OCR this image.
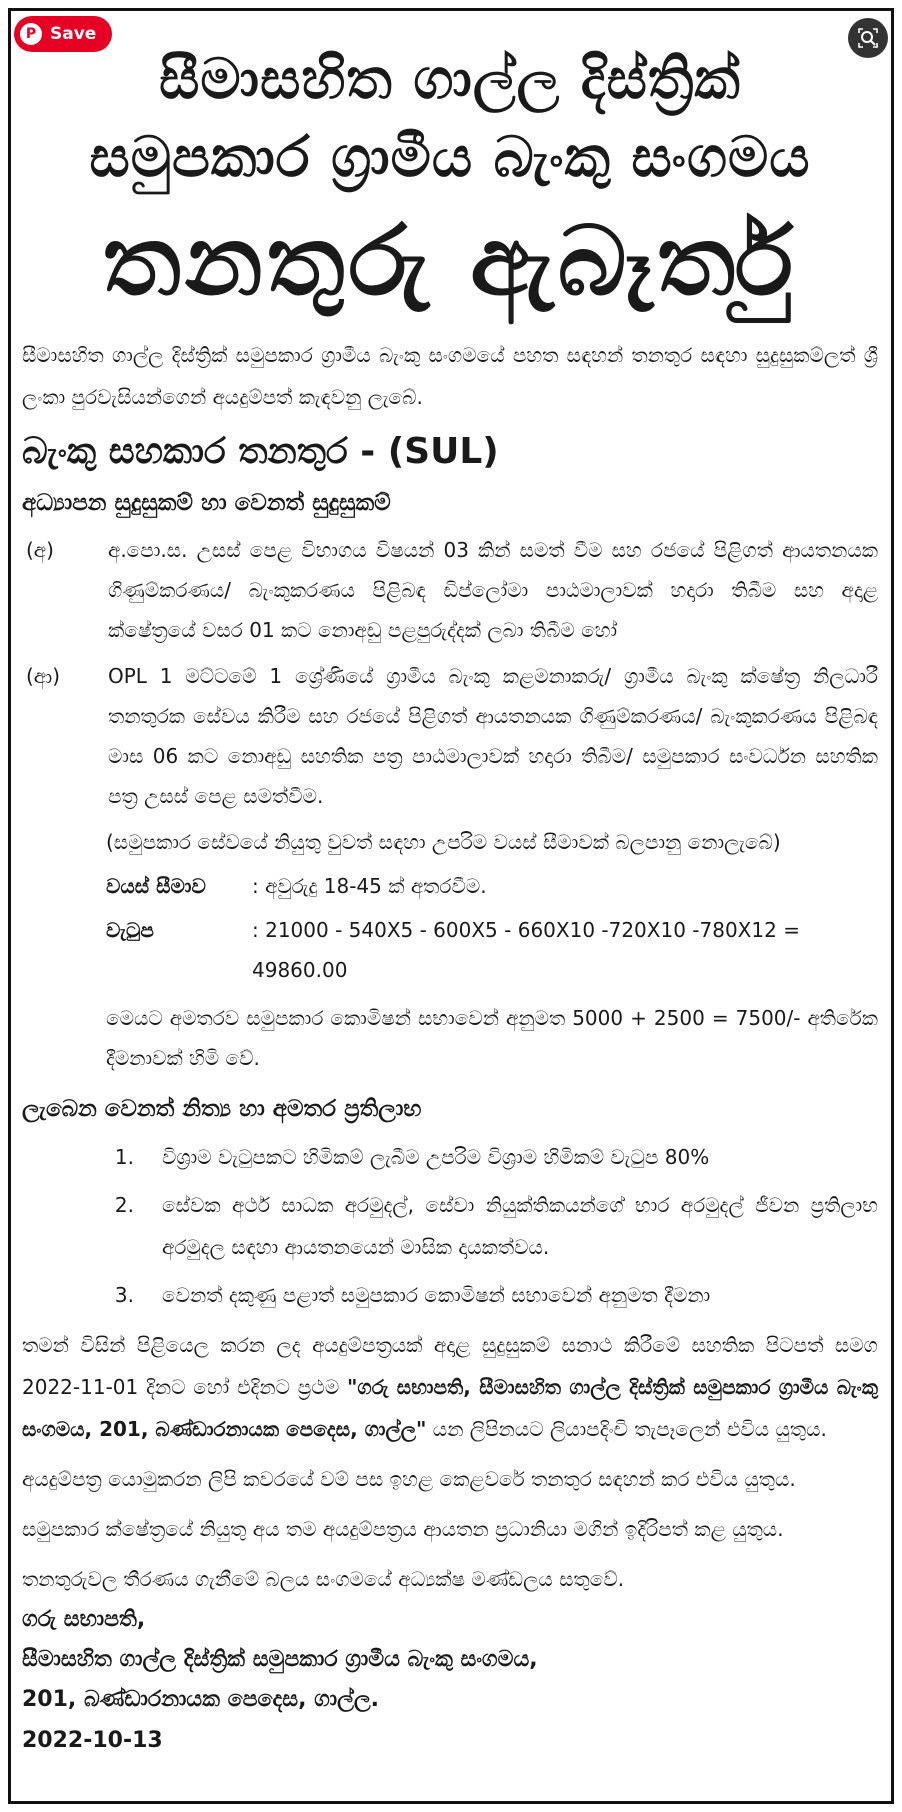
P Save
සීමාසහිත ගාල්ල දිස්ත්‍රික්
සමුපකාර ග්‍රාමීය බැංකු සංගමය
තනතුරු ඇබෑර්තු

සීමාසහිත ගාල්ල දිස්ත්‍රික් සමුපකාර ග්‍රාමීය බැංකු සංගමයේ පහත සඳහන් තනතුර සඳහා සුදුසුකම්ලත් ශ්‍රී ලංකා පුරවැසියන්ගෙන් අයදුම්පත් කැඳවනු ලැබේ.

බැංකු සහකාර තනතුර - (SUL)
අධ්‍යාපන සුදුසුකම් හා වෙනත් සුදුසුකම්
(අ)	අ.පො.ස. උසස් පෙළ විභාගය විෂයන් 03 කින් සමත් වීම සහ රජයේ පිළිගත් ආයතනයක ගිණුම්කරණය/ බැංකුකරණය පිළිබඳ ඩිප්ලෝමා පාඨමාලාවක් හදාරා තිබීම සහ අදාළ ක්ෂේත්‍රයේ වසර 01 කට නොඅඩු පළපුරුද්දක් ලබා තිබීම හෝ
(ආ)	OPL 1 මට්ටමේ 1 ශ්‍රේණියේ ග්‍රාමීය බැංකු කළමනාකරු/ ග්‍රාමීය බැංකු ක්ෂේත්‍ර නිලධාරී තනතුරක සේවය කිරීම සහ රජයේ පිළිගත් ආයතනයක ගිණුම්කරණය/ බැංකුකරණය පිළිබඳ මාස 06 කට නොඅඩු සහතික පත්‍ර පාඨමාලාවක් හදාරා තිබීම/ සමුපකාර සංවර්ධන සහතික පත්‍ර උසස් පෙළ සමත්වීම.

(සමුපකාර සේවයේ නියුතු වුවත් සඳහා උපරිම වයස් සීමාවක් බලපානු නොලැබේ)

වයස් සීමාව	: අවුරුදු 18-45 ක් අතරවීම.
වැටුප	: 21000 - 540X5 - 600X5 - 660X10 -720X10 -780X12 = 49860.00

මෙයට අමතරව සමුපකාර කොමිෂන් සභාවෙන් අනුමත 5000 + 2500 = 7500/- අතිරේක දීමනාවක් හිමි වේ.

ලැබෙන වෙනත් නිත්‍ය හා අමතර ප්‍රතිලාභ
1.	විශ්‍රාම වැටුපකට හිමිකම් ලැබීම උපරිම විශ්‍රාම හිමිකම් වැටුප 80%
2.	සේවක අර්ථ සාධක අරමුදල්, සේවා නියුක්තිකයන්ගේ භාර අරමුදල් ජීවන ප්‍රතිලාභ අරමුදල සඳහා ආයතනයෙන් මාසික දායකත්වය.
3.	වෙනත් දකුණු පළාත් සමුපකාර කොමිෂන් සභාවෙන් අනුමත දීමනා

තමන් විසින් පිළියෙල කරන ලද අයදුම්පත්‍රයක් අදාළ සුදුසුකම් සනාථ කිරීමේ සහතික පිටපත් සමග 2022-11-01 දිනට හෝ එදිනට ප්‍රථම "ගරු සභාපති, සීමාසහිත ගාල්ල දිස්ත්‍රික් සමුපකාර ග්‍රාමීය බැංකු සංගමය, 201, බණ්ඩාරනායක පෙදෙස, ගාල්ල" යන ලිපිනයට ලියාපදිංචි තැපෑලෙන් එවිය යුතුය.

අයදුම්පත්‍ර යොමුකරන ලිපි කවරයේ වම් පස ඉහළ කෙළවරේ තනතුර සඳහන් කර එවිය යුතුය.

සමුපකාර ක්ෂේත්‍රයේ නියුතු අය තම අයදුම්පත්‍රය ආයතන ප්‍රධානියා මගින් ඉදිරිපත් කළ යුතුය.

තනතුරුවල තීරණය ගැනීමේ බලය සංගමයේ අධ්‍යක්ෂ මණ්ඩලය සතුවේ.

ගරු සභාපති,
සීමාසහිත ගාල්ල දිස්ත්‍රික් සමුපකාර ග්‍රාමීය බැංකු සංගමය,
201, බණ්ඩාරනායක පෙදෙස, ගාල්ල.
2022-10-13
